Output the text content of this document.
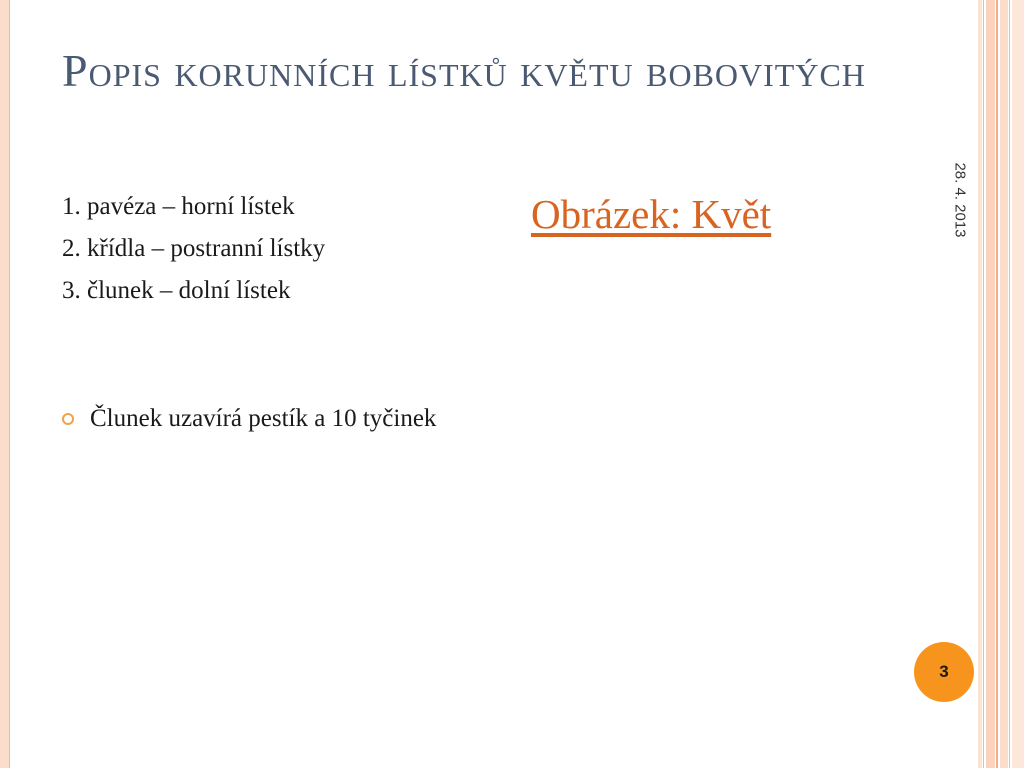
Popis korunních lístků květu bobovitých
1. pavéza – horní lístek
2. křídla – postranní lístky
3. člunek – dolní lístek
Člunek uzavírá pestík a 10 tyčinek
Obrázek: Květ	28. 4. 2013
3
